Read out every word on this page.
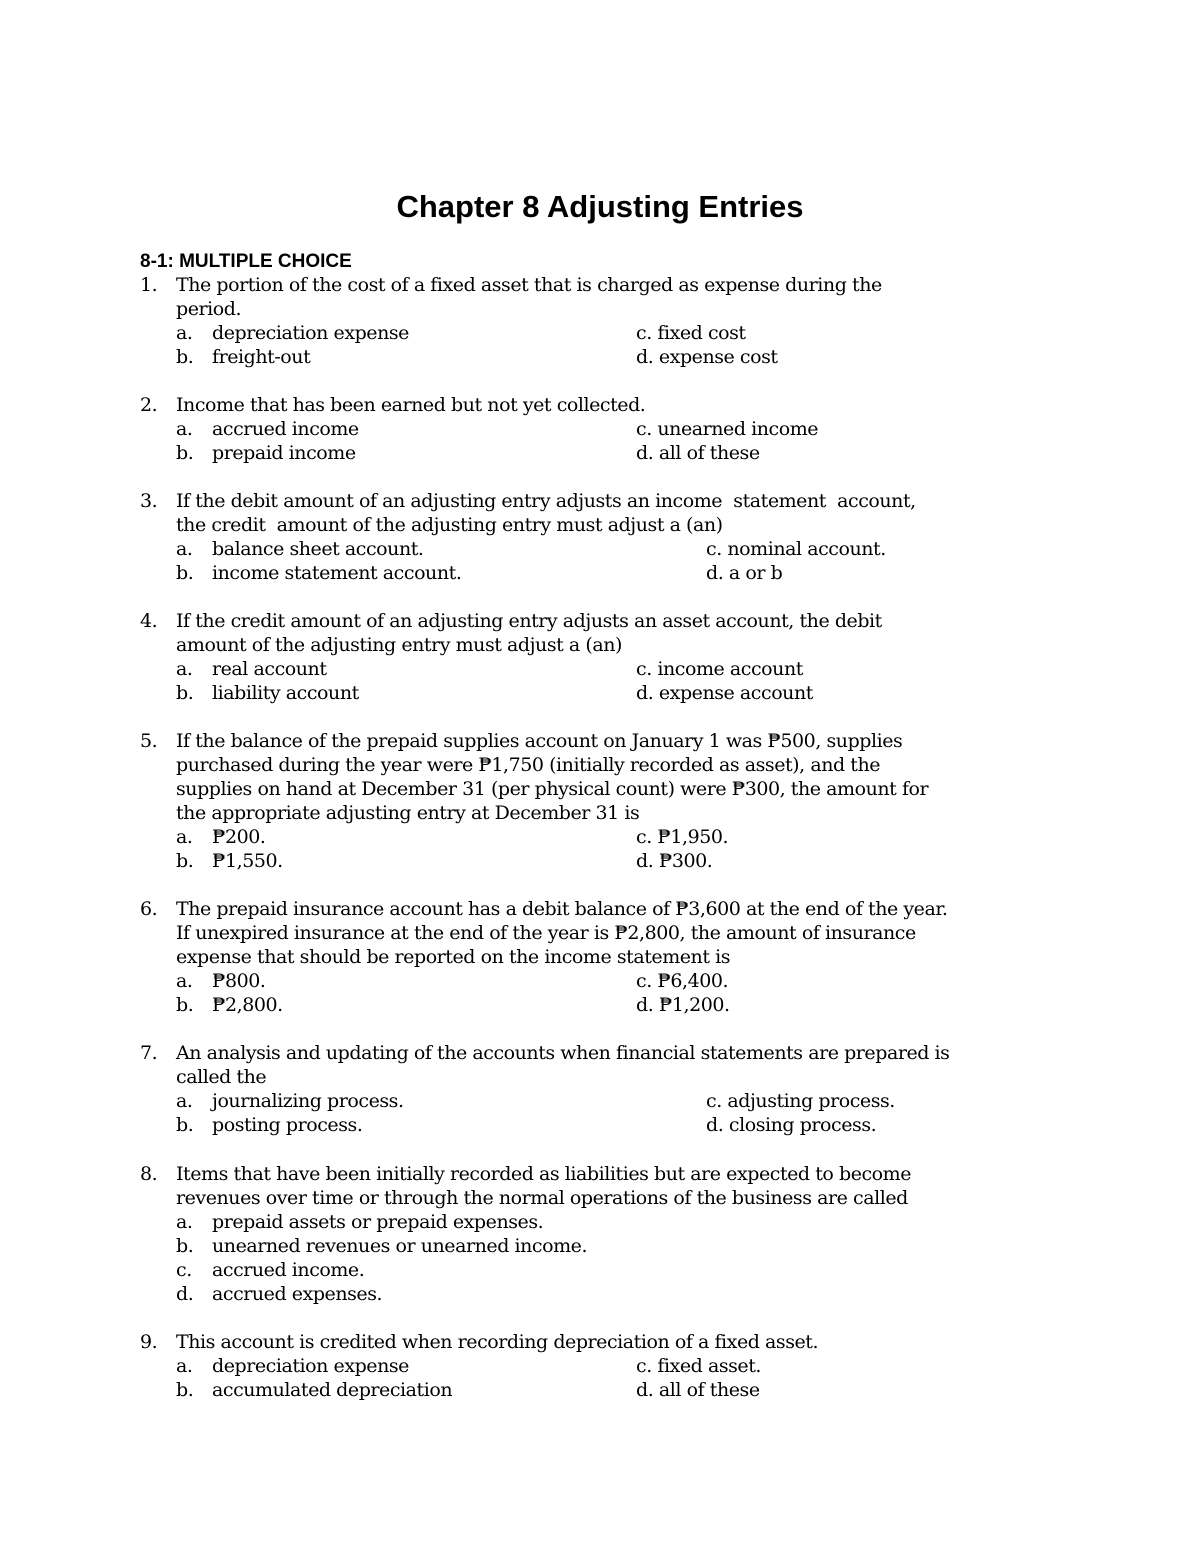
Chapter 8 Adjusting Entries
8-1: MULTIPLE CHOICE
1. The portion of the cost of a fixed asset that is charged as expense during the
period.
a. depreciation expense	c. fixed cost
b. freight-out	d. expense cost
2. Income that has been earned but not yet collected.
a. accrued income	c. unearned income
b. prepaid income	d. all of these
3. If the debit amount of an adjusting entry adjusts an income  statement  account,
the credit  amount of the adjusting entry must adjust a (an)
a. balance sheet account.	c. nominal account.
b. income statement account.	d. a or b
4. If the credit amount of an adjusting entry adjusts an asset account, the debit
amount of the adjusting entry must adjust a (an)
a. real account	c. income account
b. liability account	d. expense account
5. If the balance of the prepaid supplies account on January 1 was ₱500, supplies
purchased during the year were ₱1,750 (initially recorded as asset), and the
supplies on hand at December 31 (per physical count) were ₱300, the amount for
the appropriate adjusting entry at December 31 is
a. ₱200.	c. ₱1,950.
b. ₱1,550.	d. ₱300.
6. The prepaid insurance account has a debit balance of ₱3,600 at the end of the year.
If unexpired insurance at the end of the year is ₱2,800, the amount of insurance
expense that should be reported on the income statement is
a. ₱800.	c. ₱6,400.
b. ₱2,800.	d. ₱1,200.
7. An analysis and updating of the accounts when financial statements are prepared is
called the
a. journalizing process.	c. adjusting process.
b. posting process.	d. closing process.
8. Items that have been initially recorded as liabilities but are expected to become
revenues over time or through the normal operations of the business are called
a. prepaid assets or prepaid expenses.
b. unearned revenues or unearned income.
c. accrued income.
d. accrued expenses.
9. This account is credited when recording depreciation of a fixed asset.
a. depreciation expense	c. fixed asset.
b. accumulated depreciation	d. all of these
